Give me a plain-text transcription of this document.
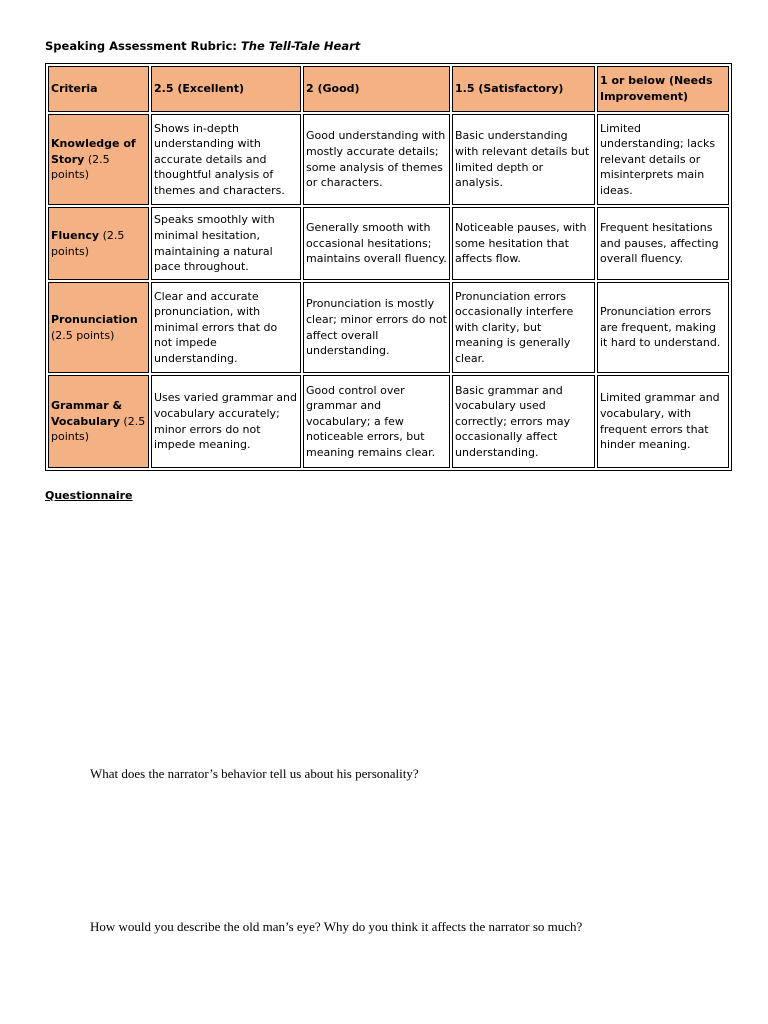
Speaking Assessment Rubric: The Tell-Tale Heart
Criteria	2.5 (Excellent)	2 (Good)	1.5 (Satisfactory)	1 or below (Needs Improvement)
Knowledge of Story (2.5 points)	Shows in-depth understanding with accurate details and thoughtful analysis of themes and characters.	Good understanding with mostly accurate details; some analysis of themes or characters.	Basic understanding with relevant details but limited depth or analysis.	Limited understanding; lacks relevant details or misinterprets main ideas.
Fluency (2.5 points)	Speaks smoothly with minimal hesitation, maintaining a natural pace throughout.	Generally smooth with occasional hesitations; maintains overall fluency.	Noticeable pauses, with some hesitation that affects flow.	Frequent hesitations and pauses, affecting overall fluency.
Pronunciation (2.5 points)	Clear and accurate pronunciation, with minimal errors that do not impede understanding.	Pronunciation is mostly clear; minor errors do not affect overall understanding.	Pronunciation errors occasionally interfere with clarity, but meaning is generally clear.	Pronunciation errors are frequent, making it hard to understand.
Grammar & Vocabulary (2.5 points)	Uses varied grammar and vocabulary accurately; minor errors do not impede meaning.	Good control over grammar and vocabulary; a few noticeable errors, but meaning remains clear.	Basic grammar and vocabulary used correctly; errors may occasionally affect understanding.	Limited grammar and vocabulary, with frequent errors that hinder meaning.
Questionnaire
What does the narrator’s behavior tell us about his personality?
How would you describe the old man’s eye? Why do you think it affects the narrator so much?
